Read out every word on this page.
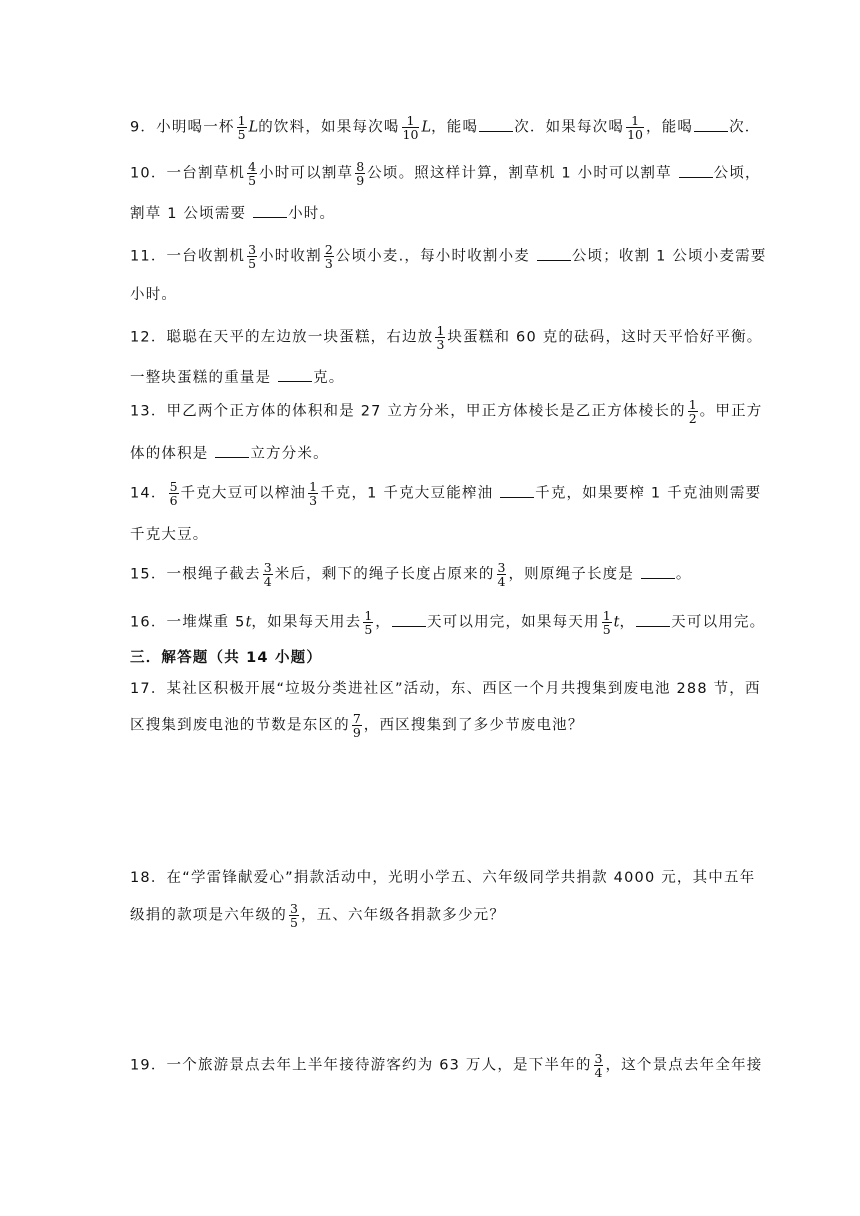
9．小明喝一杯 $\frac{1}{5}$ L的饮料，如果每次喝 $\frac{1}{10}$ L，能喝 次．如果每次喝 $\frac{1}{10}$ ，能喝 次．
10．一台割草机 $\frac{4}{5}$ 小时可以割草 $\frac{8}{9}$ 公顷。照这样计算，割草机 1 小时可以割草 公顷，
割草 1 公顷需要 小时。
11．一台收割机 $\frac{3}{5}$ 小时收割 $\frac{2}{3}$ 公顷小麦.，每小时收割小麦 公顷；收割 1 公顷小麦需要
小时。
12．聪聪在天平的左边放一块蛋糕，右边放 $\frac{1}{3}$ 块蛋糕和 60 克的砝码，这时天平恰好平衡。
一整块蛋糕的重量是 克。
13．甲乙两个正方体的体积和是 27 立方分米，甲正方体棱长是乙正方体棱长的 $\frac{1}{2}$ 。甲正方
体的体积是 立方分米。
14． $\frac{5}{6}$ 千克大豆可以榨油 $\frac{1}{3}$ 千克，1 千克大豆能榨油 千克，如果要榨 1 千克油则需要
千克大豆。
15．一根绳子截去 $\frac{3}{4}$ 米后，剩下的绳子长度占原来的 $\frac{3}{4}$ ，则原绳子长度是 。
16．一堆煤重 5t，如果每天用去 $\frac{1}{5}$ ， 天可以用完，如果每天用 $\frac{1}{5}$ t， 天可以用完。
三．解答题（共 14 小题）
17．某社区积极开展“垃圾分类进社区”活动，东、西区一个月共搜集到废电池 288 节，西
区搜集到废电池的节数是东区的 $\frac{7}{9}$ ，西区搜集到了多少节废电池？
18．在“学雷锋献爱心”捐款活动中，光明小学五、六年级同学共捐款 4000 元，其中五年
级捐的款项是六年级的 $\frac{3}{5}$ ，五、六年级各捐款多少元？
19．一个旅游景点去年上半年接待游客约为 63 万人，是下半年的 $\frac{3}{4}$ ，这个景点去年全年接
